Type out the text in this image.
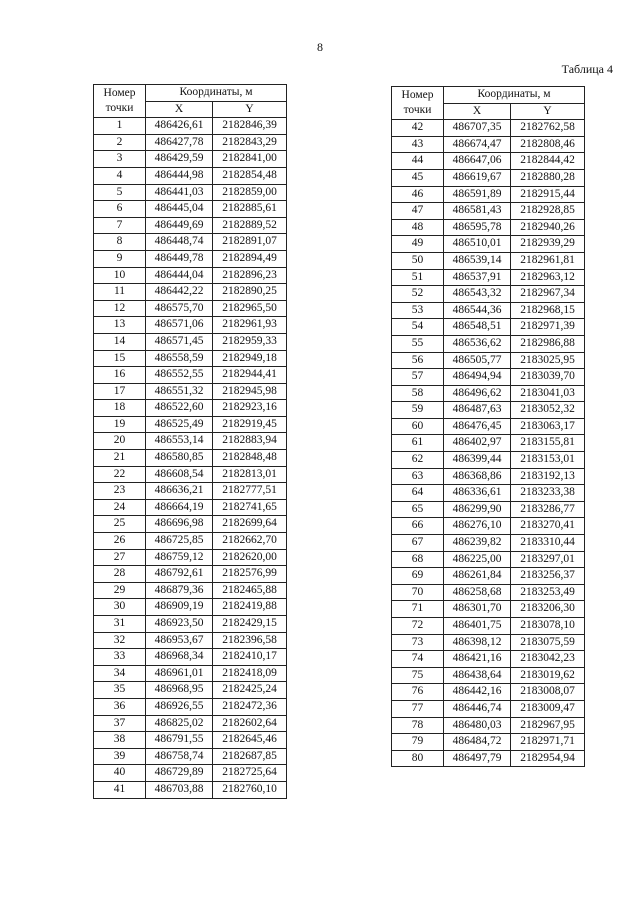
8
Таблица 4
Номер
точки	Координаты, м	
	X	Y
1	486426,61	2182846,39
2	486427,78	2182843,29
3	486429,59	2182841,00
4	486444,98	2182854,48
5	486441,03	2182859,00
6	486445,04	2182885,61
7	486449,69	2182889,52
8	486448,74	2182891,07
9	486449,78	2182894,49
10	486444,04	2182896,23
11	486442,22	2182890,25
12	486575,70	2182965,50
13	486571,06	2182961,93
14	486571,45	2182959,33
15	486558,59	2182949,18
16	486552,55	2182944,41
17	486551,32	2182945,98
18	486522,60	2182923,16
19	486525,49	2182919,45
20	486553,14	2182883,94
21	486580,85	2182848,48
22	486608,54	2182813,01
23	486636,21	2182777,51
24	486664,19	2182741,65
25	486696,98	2182699,64
26	486725,85	2182662,70
27	486759,12	2182620,00
28	486792,61	2182576,99
29	486879,36	2182465,88
30	486909,19	2182419,88
31	486923,50	2182429,15
32	486953,67	2182396,58
33	486968,34	2182410,17
34	486961,01	2182418,09
35	486968,95	2182425,24
36	486926,55	2182472,36
37	486825,02	2182602,64
38	486791,55	2182645,46
39	486758,74	2182687,85
40	486729,89	2182725,64
41	486703,88	2182760,10
Номер
точки	Координаты, м	
	X	Y
42	486707,35	2182762,58
43	486674,47	2182808,46
44	486647,06	2182844,42
45	486619,67	2182880,28
46	486591,89	2182915,44
47	486581,43	2182928,85
48	486595,78	2182940,26
49	486510,01	2182939,29
50	486539,14	2182961,81
51	486537,91	2182963,12
52	486543,32	2182967,34
53	486544,36	2182968,15
54	486548,51	2182971,39
55	486536,62	2182986,88
56	486505,77	2183025,95
57	486494,94	2183039,70
58	486496,62	2183041,03
59	486487,63	2183052,32
60	486476,45	2183063,17
61	486402,97	2183155,81
62	486399,44	2183153,01
63	486368,86	2183192,13
64	486336,61	2183233,38
65	486299,90	2183286,77
66	486276,10	2183270,41
67	486239,82	2183310,44
68	486225,00	2183297,01
69	486261,84	2183256,37
70	486258,68	2183253,49
71	486301,70	2183206,30
72	486401,75	2183078,10
73	486398,12	2183075,59
74	486421,16	2183042,23
75	486438,64	2183019,62
76	486442,16	2183008,07
77	486446,74	2183009,47
78	486480,03	2182967,95
79	486484,72	2182971,71
80	486497,79	2182954,94
